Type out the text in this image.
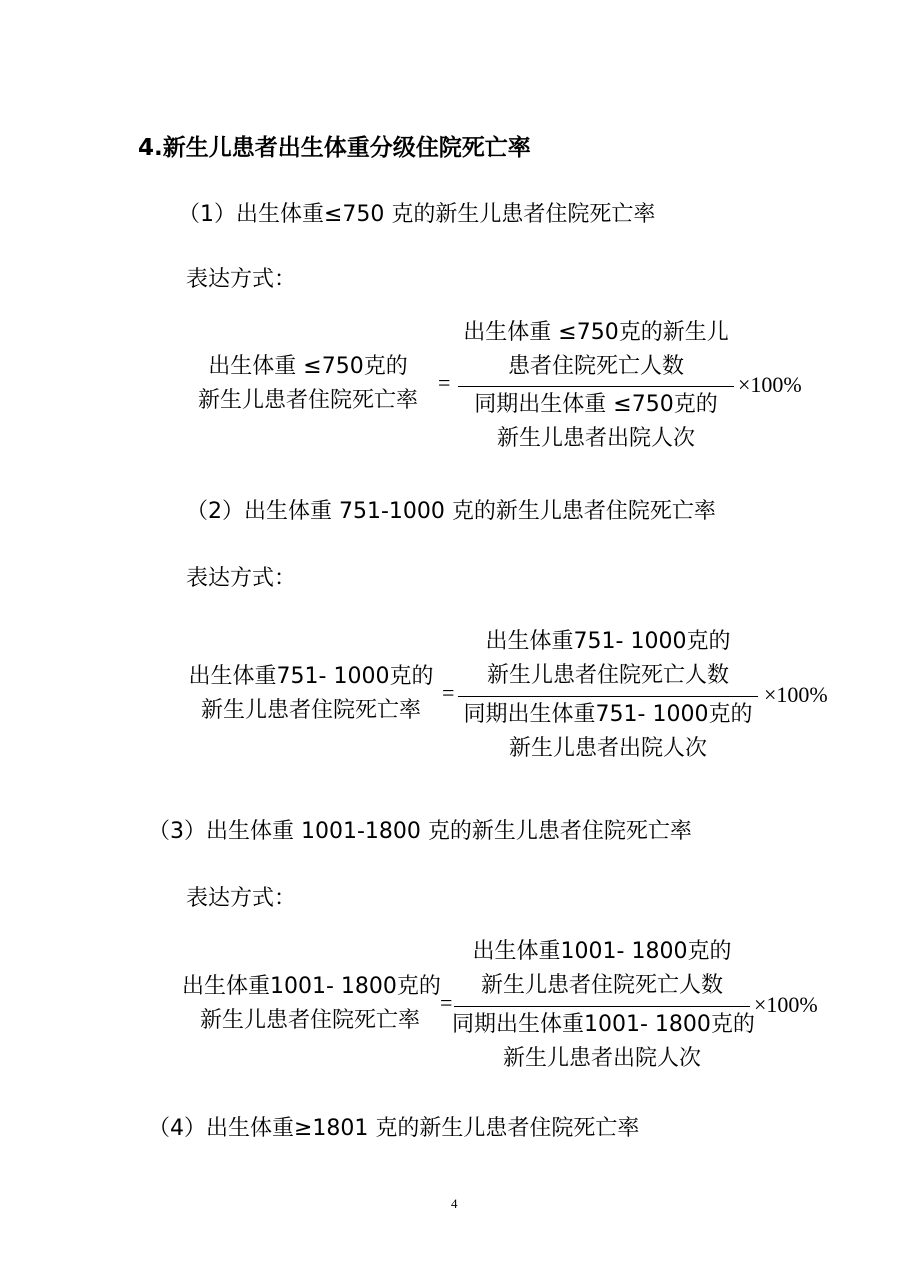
4.新生儿患者出生体重分级住院死亡率
（1）出生体重≤750 克的新生儿患者住院死亡率
表达方式：
出生体重 ≤750克的
新生儿患者住院死亡率
=
出生体重 ≤750克的新生儿
患者住院死亡人数
同期出生体重 ≤750克的
新生儿患者出院人次
×100%
（2）出生体重 751-1000 克的新生儿患者住院死亡率
表达方式：
出生体重751- 1000克的
新生儿患者住院死亡率
=
出生体重751- 1000克的
新生儿患者住院死亡人数
同期出生体重751- 1000克的
新生儿患者出院人次
×100%
（3）出生体重 1001-1800 克的新生儿患者住院死亡率
表达方式：
出生体重1001- 1800克的
新生儿患者住院死亡率
=
出生体重1001- 1800克的
新生儿患者住院死亡人数
同期出生体重1001- 1800克的
新生儿患者出院人次
×100%
（4）出生体重≥1801 克的新生儿患者住院死亡率
4
